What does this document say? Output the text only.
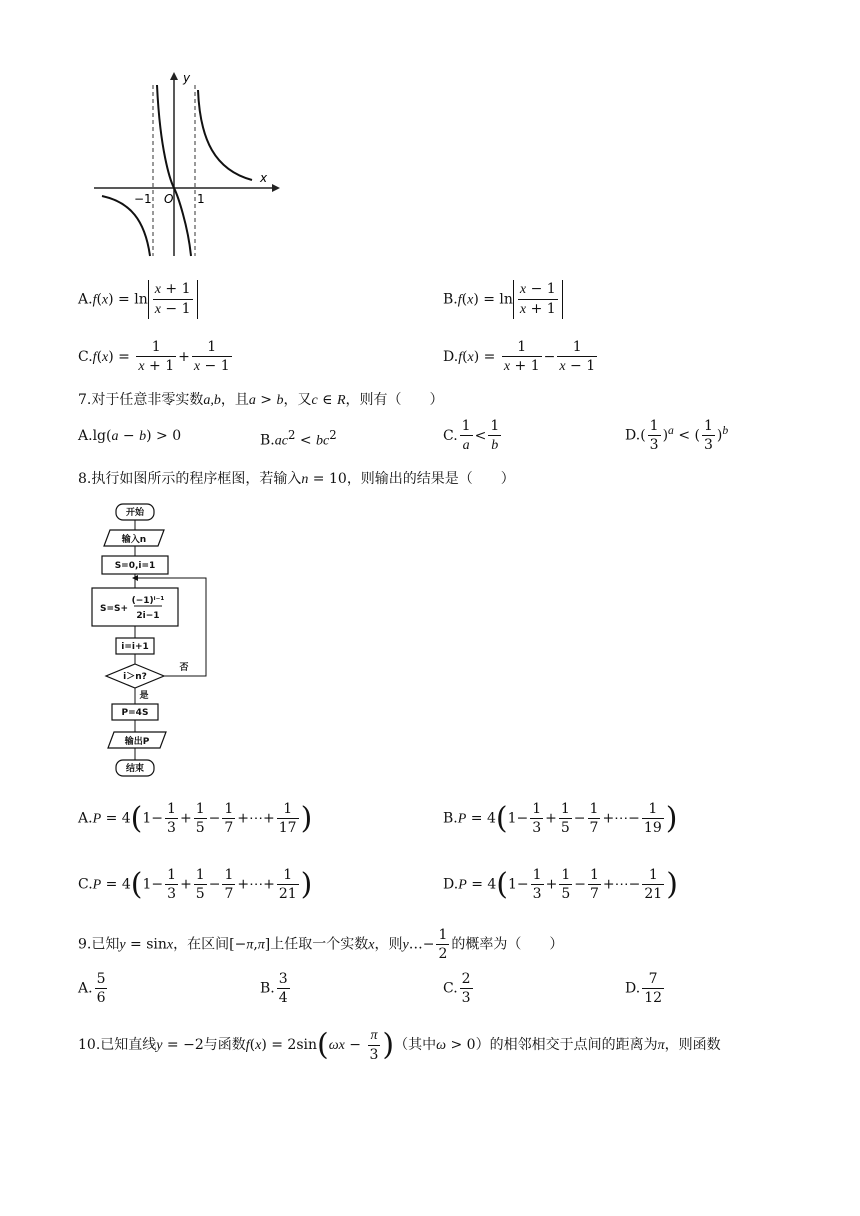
y
x
−1 O 1
$A.f(x) = \ln \frac{x + 1}{x - 1}$	$B.f(x) = \ln \frac{x - 1}{x + 1}$
$C.f(x) = \frac{1}{x + 1} + \frac{1}{x - 1}$	$D.f(x) = \frac{1}{x + 1} - \frac{1}{x - 1}$
7.对于任意非零实数a,b，且a > b，又c ∈ R，则有（　　）
A.lg(a − b) > 0	$B.ac^2 < bc^2$	C. $\frac{1}{a} < \frac{1}{b}$	$D.( \frac{1}{3} )^a$ < ( $\frac{1}{3} )^b$
8.执行如图所示的程序框图，若输入n = 10，则输出的结果是（　　）
开始
输入n
S=0,i=1
S=S+
(−1)ⁱ⁻¹
2i−1
i=i+1
i＞n?
否
是
P=4S
输出P
结束
$A.P = 4(1- \frac{1}{3} + \frac{1}{5} - \frac{1}{7}$ +⋯+ $\frac{1}{17}$ )	$B.P = 4(1- \frac{1}{3} + \frac{1}{5} - \frac{1}{7}$ +⋯− $\frac{1}{19}$ )
$C.P = 4(1- \frac{1}{3} + \frac{1}{5} - \frac{1}{7}$ +⋯+ $\frac{1}{21}$ )	$D.P = 4(1- \frac{1}{3} + \frac{1}{5} - \frac{1}{7}$ +⋯− $\frac{1}{21}$ )
9.已知y = sinx，在区间[−π,π]上任取一个实数x，则y…− $\frac{1}{2}$ 的概率为（　　）
A. $\frac{5}{6}$	B. $\frac{3}{4}$	C. $\frac{2}{3}$	D. $\frac{7}{12}$
10.已知直线y = −2与函数$f(x) = 2\sin(\omega x - \frac{\pi}{3}$ )（其中ω > 0）的相邻相交于点间的距离为π，则函数
